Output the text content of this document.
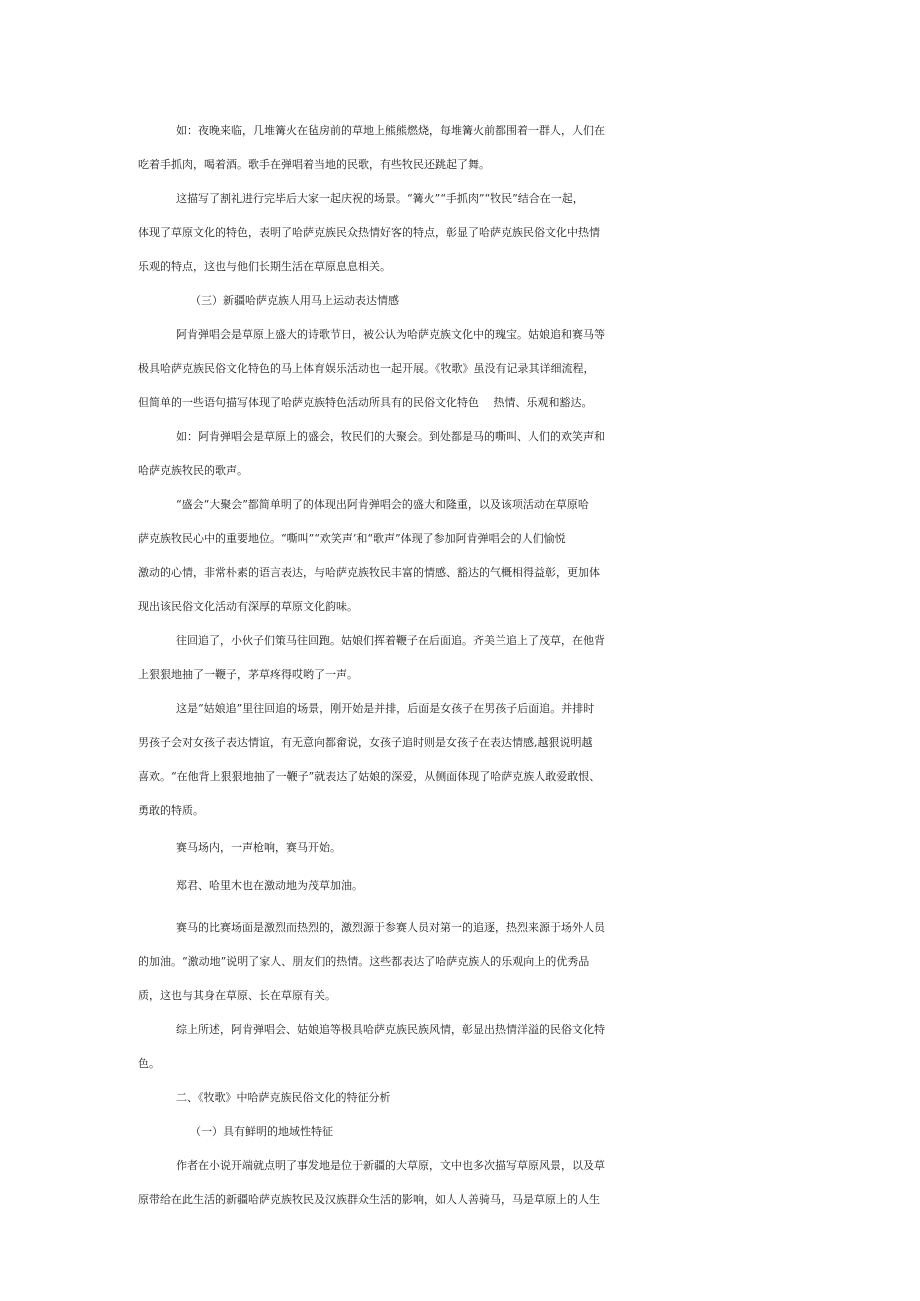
如：夜晚来临，几堆篝火在毡房前的草地上熊熊燃烧，每堆篝火前都围着一群人，人们在
吃着手抓肉，喝着酒。歌手在弹唱着当地的民歌，有些牧民还跳起了舞。
这描写了割礼进行完毕后大家一起庆祝的场景。“篝火”“手抓肉”“牧民”结合在一起，
体现了草原文化的特色，表明了哈萨克族民众热情好客的特点，彰显了哈萨克族民俗文化中热情
乐观的特点，这也与他们长期生活在草原息息相关。
（三）新疆哈萨克族人用马上运动表达情感
阿肯弹唱会是草原上盛大的诗歌节日，被公认为哈萨克族文化中的瑰宝。姑娘追和赛马等
极具哈萨克族民俗文化特色的马上体育娱乐活动也一起开展。《牧歌》虽没有记录其详细流程，
但简单的一些语句描写体现了哈萨克族特色活动所具有的民俗文化特色　 热情、乐观和豁达。
如：阿肯弹唱会是草原上的盛会，牧民们的大聚会。到处都是马的嘶叫、人们的欢笑声和
哈萨克族牧民的歌声。
“盛会“大聚会”都简单明了的体现出阿肯弹唱会的盛大和隆重，以及该项活动在草原哈
萨克族牧民心中的重要地位。“嘶叫”“欢笑声’和“歌声”体现了参加阿肯弹唱会的人们愉悦
激动的心情，非常朴素的语言表达，与哈萨克族牧民丰富的情感、豁达的气概相得益彰，更加体
现出该民俗文化活动有深厚的草原文化韵味。
往回追了，小伙子们策马往回跑。姑娘们挥着鞭子在后面追。齐美兰追上了茂草，在他背
上狠狠地抽了一鞭子，茅草疼得哎哟了一声。
这是“姑娘追”里往回追的场景，刚开始是并排，后面是女孩子在男孩子后面追。并排时
男孩子会对女孩子表达情谊，有无意向都畲说，女孩子追时则是女孩子在表达情感,越狠说明越
喜欢。“在他背上狠狠地抽了一鞭子”就表达了姑娘的深爱，从侧面体现了哈萨克族人敢爱敢恨、
勇敢的特质。
赛马场内，一声枪响，赛马开始。
郑君、哈里木也在激动地为茂草加油。
赛马的比赛场面是激烈而热烈的，激烈源于参赛人员对第一的追逐，热烈来源于场外人员
的加油。“激动地”说明了家人、朋友们的热情。这些都表达了哈萨克族人的乐观向上的优秀品
质，这也与其身在草原、长在草原有关。
综上所述，阿肯弹唱会、姑娘追等极具哈萨克族民族风情，彰显出热情洋溢的民俗文化特
色。
二、《牧歌》中哈萨克族民俗文化的特征分析
（一）具有鲜明的地域性特征
作者在小说开端就点明了事发地是位于新疆的大草原，文中也多次描写草原风景，以及草
原带给在此生活的新疆哈萨克族牧民及汉族群众生活的影响，如人人善骑马，马是草原上的人生
